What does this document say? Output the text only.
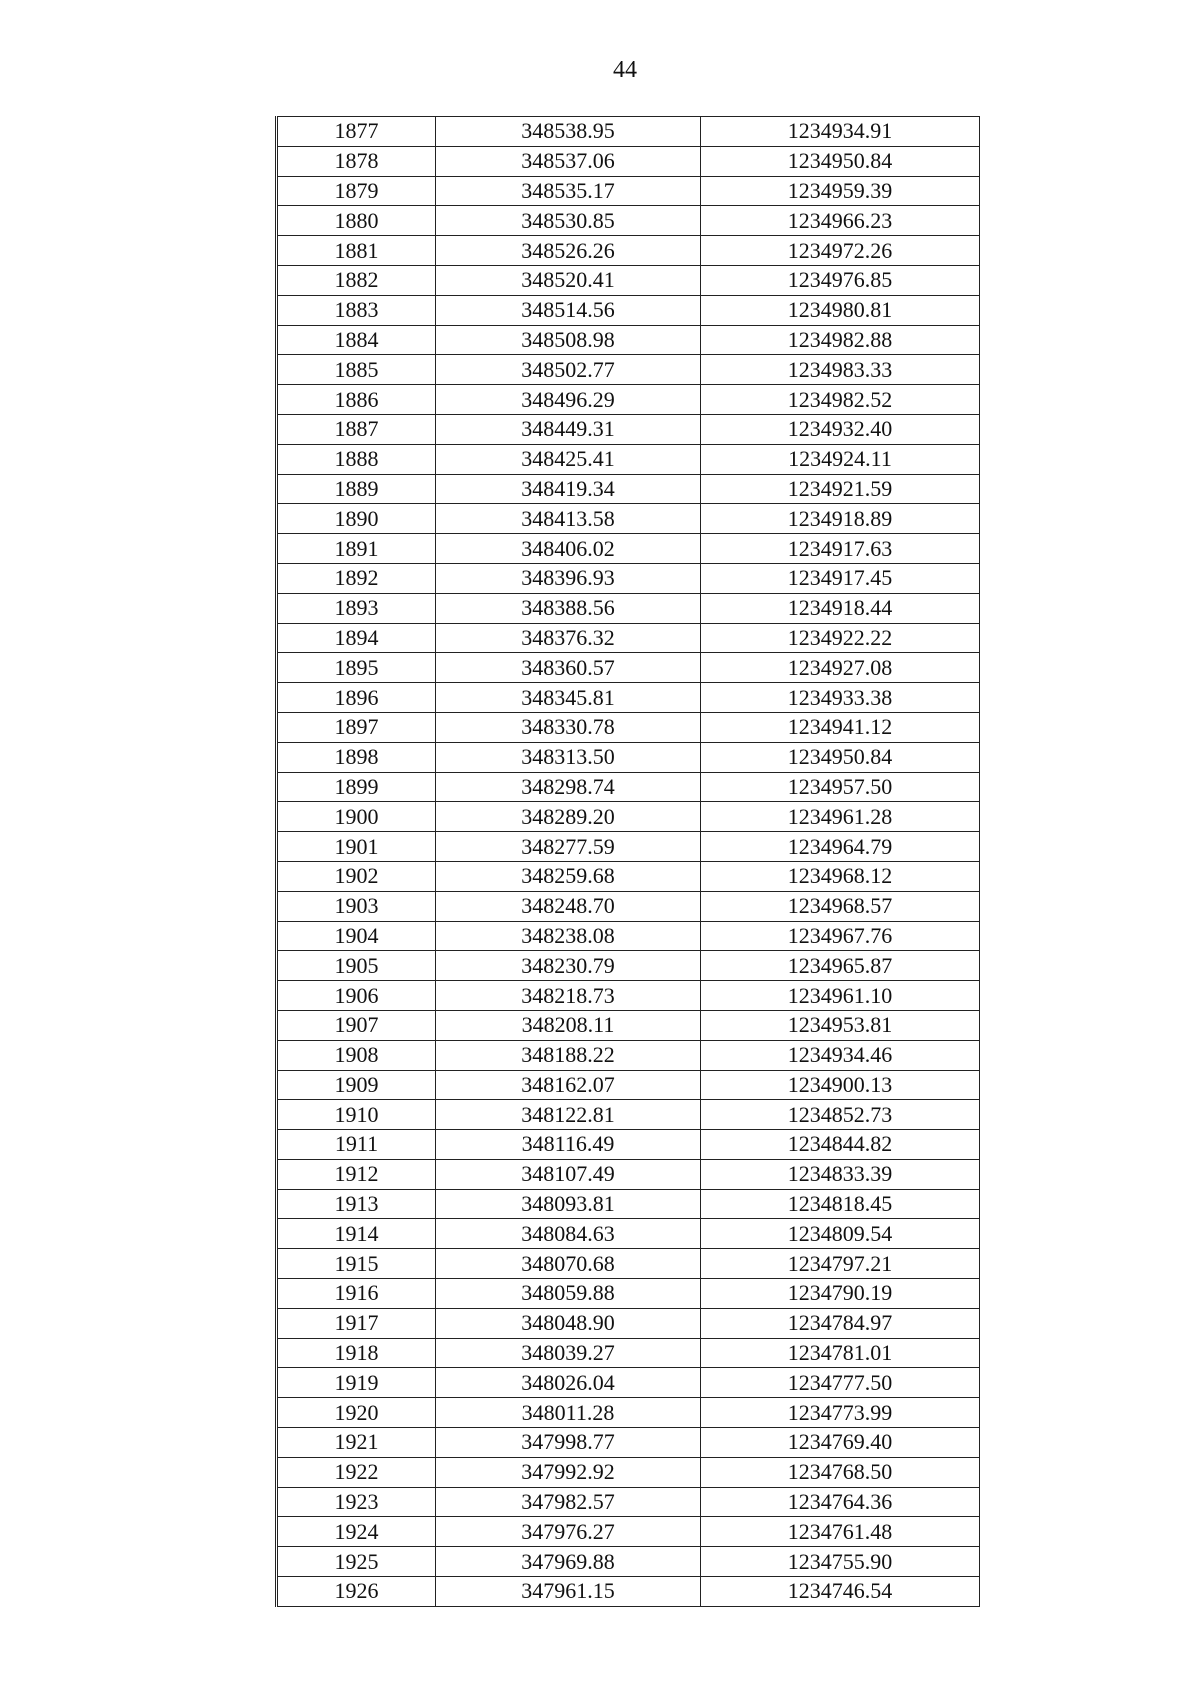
44
1877	348538.95	1234934.91
1878	348537.06	1234950.84
1879	348535.17	1234959.39
1880	348530.85	1234966.23
1881	348526.26	1234972.26
1882	348520.41	1234976.85
1883	348514.56	1234980.81
1884	348508.98	1234982.88
1885	348502.77	1234983.33
1886	348496.29	1234982.52
1887	348449.31	1234932.40
1888	348425.41	1234924.11
1889	348419.34	1234921.59
1890	348413.58	1234918.89
1891	348406.02	1234917.63
1892	348396.93	1234917.45
1893	348388.56	1234918.44
1894	348376.32	1234922.22
1895	348360.57	1234927.08
1896	348345.81	1234933.38
1897	348330.78	1234941.12
1898	348313.50	1234950.84
1899	348298.74	1234957.50
1900	348289.20	1234961.28
1901	348277.59	1234964.79
1902	348259.68	1234968.12
1903	348248.70	1234968.57
1904	348238.08	1234967.76
1905	348230.79	1234965.87
1906	348218.73	1234961.10
1907	348208.11	1234953.81
1908	348188.22	1234934.46
1909	348162.07	1234900.13
1910	348122.81	1234852.73
1911	348116.49	1234844.82
1912	348107.49	1234833.39
1913	348093.81	1234818.45
1914	348084.63	1234809.54
1915	348070.68	1234797.21
1916	348059.88	1234790.19
1917	348048.90	1234784.97
1918	348039.27	1234781.01
1919	348026.04	1234777.50
1920	348011.28	1234773.99
1921	347998.77	1234769.40
1922	347992.92	1234768.50
1923	347982.57	1234764.36
1924	347976.27	1234761.48
1925	347969.88	1234755.90
1926	347961.15	1234746.54
